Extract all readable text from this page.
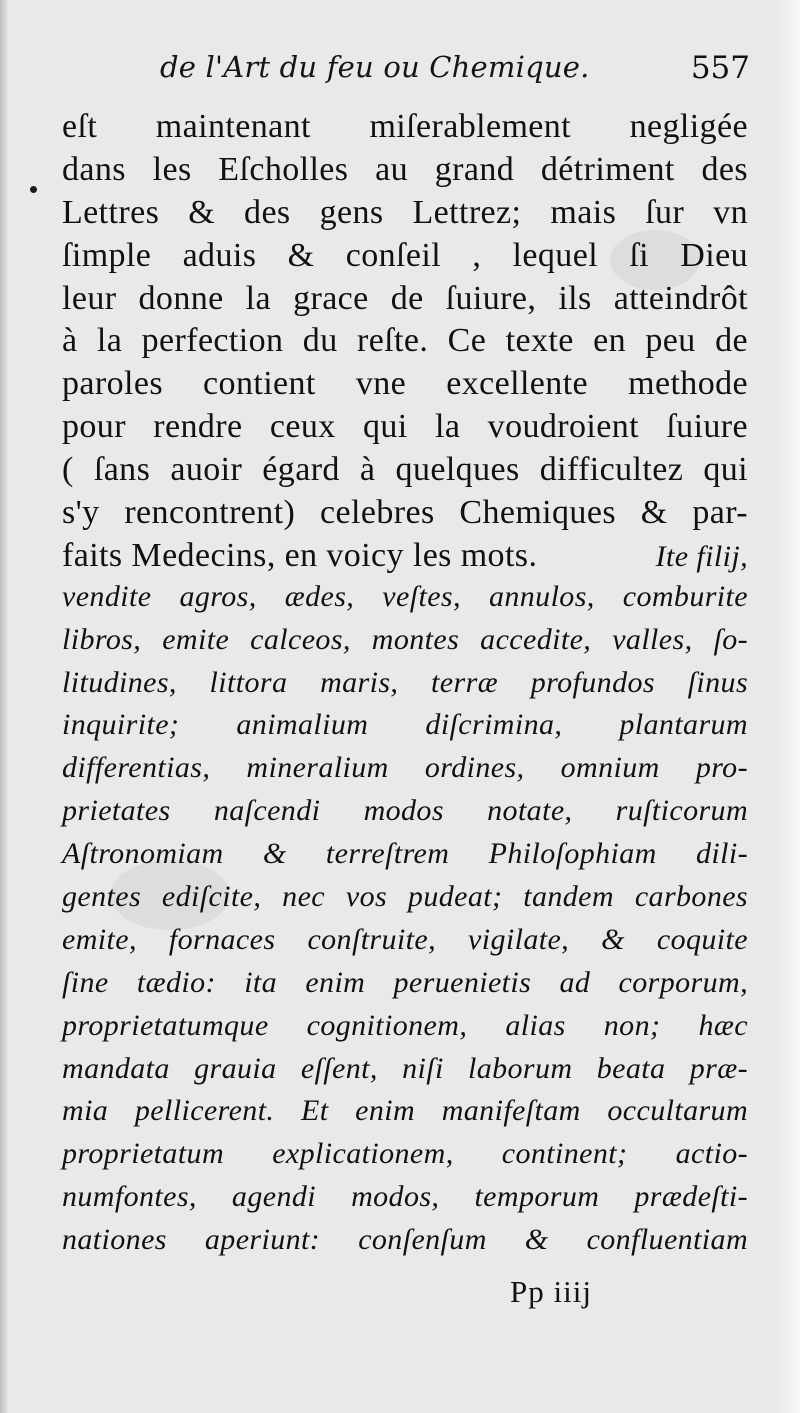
de l'Art du feu ou Chemique.	557
eſt maintenant miſerablement negligée
dans les Eſcholles au grand détriment des
Lettres & des gens Lettrez; mais ſur vn
ſimple aduis & conſeil , lequel ſi Dieu
leur donne la grace de ſuiure, ils atteindrôt
à la perfection du reſte. Ce texte en peu de
paroles contient vne excellente methode
pour rendre ceux qui la voudroient ſuiure
( ſans auoir égard à quelques difficultez qui
s'y rencontrent) celebres Chemiques & par-
faits Medecins, en voicy les mots.	Ite filij,
vendite agros, ædes, veſtes, annulos, comburite
libros, emite calceos, montes accedite, valles, ſo-
litudines, littora maris, terræ profundos ſinus
inquirite; animalium diſcrimina, plantarum
differentias, mineralium ordines, omnium pro-
prietates naſcendi modos notate, ruſticorum
Aſtronomiam & terreſtrem Philoſophiam dili-
gentes ediſcite, nec vos pudeat; tandem carbones
emite, fornaces conſtruite, vigilate, & coquite
ſine tædio: ita enim peruenietis ad corporum,
proprietatumque cognitionem, alias non; hæc
mandata grauia eſſent, niſi laborum beata præ-
mia pellicerent. Et enim manifeſtam occultarum
proprietatum explicationem, continent; actio-
numfontes, agendi modos, temporum prædeſti-
nationes aperiunt: conſenſum & confluentiam
Pp iiij
